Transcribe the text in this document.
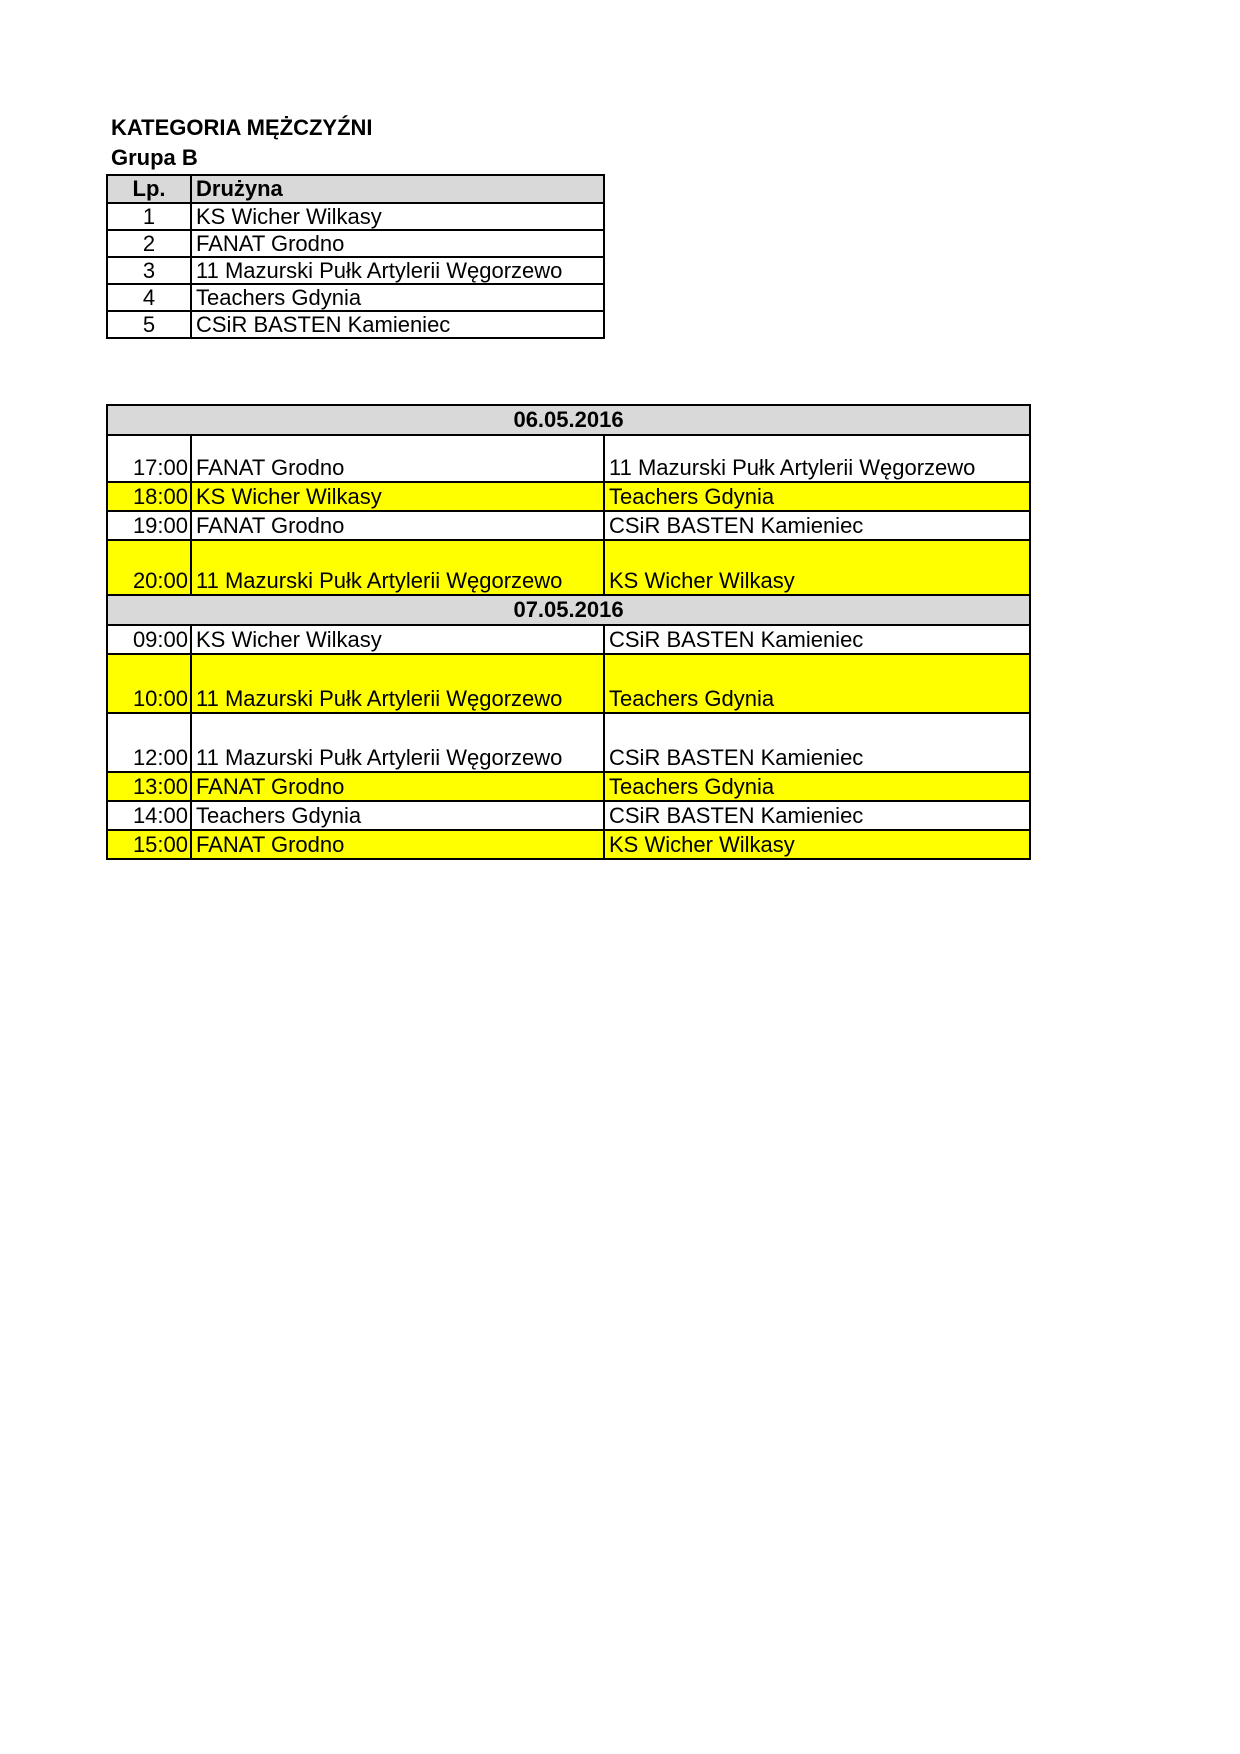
KATEGORIA MĘŻCZYŹNI
Grupa B
Lp.	Drużyna
1	KS Wicher Wilkasy
2	FANAT Grodno
3	11 Mazurski Pułk Artylerii Węgorzewo
4	Teachers Gdynia
5	CSiR BASTEN Kamieniec
06.05.2016		
17:00	FANAT Grodno	11 Mazurski Pułk Artylerii Węgorzewo
18:00	KS Wicher Wilkasy	Teachers Gdynia
19:00	FANAT Grodno	CSiR BASTEN Kamieniec
20:00	11 Mazurski Pułk Artylerii Węgorzewo	KS Wicher Wilkasy
07.05.2016		
09:00	KS Wicher Wilkasy	CSiR BASTEN Kamieniec
10:00	11 Mazurski Pułk Artylerii Węgorzewo	Teachers Gdynia
12:00	11 Mazurski Pułk Artylerii Węgorzewo	CSiR BASTEN Kamieniec
13:00	FANAT Grodno	Teachers Gdynia
14:00	Teachers Gdynia	CSiR BASTEN Kamieniec
15:00	FANAT Grodno	KS Wicher Wilkasy
